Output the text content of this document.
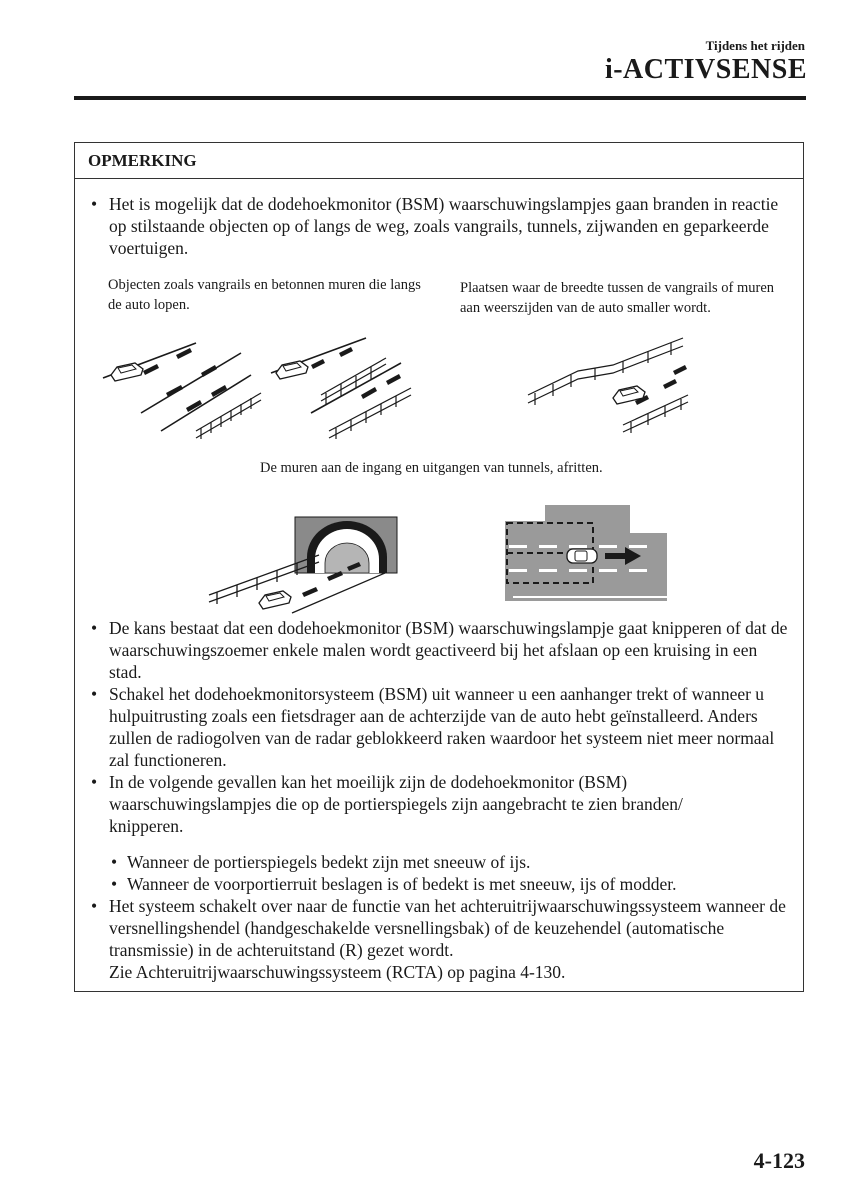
Tijdens het rijden
i-ACTIVSENSE
OPMERKING
• Het is mogelijk dat de dodehoekmonitor (BSM) waarschuwingslampjes gaan branden in reactie op stilstaande objecten op of langs de weg, zoals vangrails, tunnels, zijwanden en geparkeerde voertuigen.
Objecten zoals vangrails en betonnen muren die langs de auto lopen.
Plaatsen waar de breedte tussen de vangrails of muren aan weerszijden van de auto smaller wordt.
De muren aan de ingang en uitgangen van tunnels, afritten.
• De kans bestaat dat een dodehoekmonitor (BSM) waarschuwingslampje gaat knipperen of dat de waarschuwingszoemer enkele malen wordt geactiveerd bij het afslaan op een kruising in een stad.
• Schakel het dodehoekmonitorsysteem (BSM) uit wanneer u een aanhanger trekt of wanneer u hulpuitrusting zoals een fietsdrager aan de achterzijde van de auto hebt geïnstalleerd. Anders zullen de radiogolven van de radar geblokkeerd raken waardoor het systeem niet meer normaal zal functioneren.
• In de volgende gevallen kan het moeilijk zijn de dodehoekmonitor (BSM) waarschuwingslampjes die op de portierspiegels zijn aangebracht te zien branden/ knipperen.
• Wanneer de portierspiegels bedekt zijn met sneeuw of ijs.
• Wanneer de voorportierruit beslagen is of bedekt is met sneeuw, ijs of modder.
• Het systeem schakelt over naar de functie van het achteruitrijwaarschuwingssysteem wanneer de versnellingshendel (handgeschakelde versnellingsbak) of de keuzehendel (automatische transmissie) in de achteruitstand (R) gezet wordt.

Zie Achteruitrijwaarschuwingssysteem (RCTA) op pagina 4-130.

4-123
